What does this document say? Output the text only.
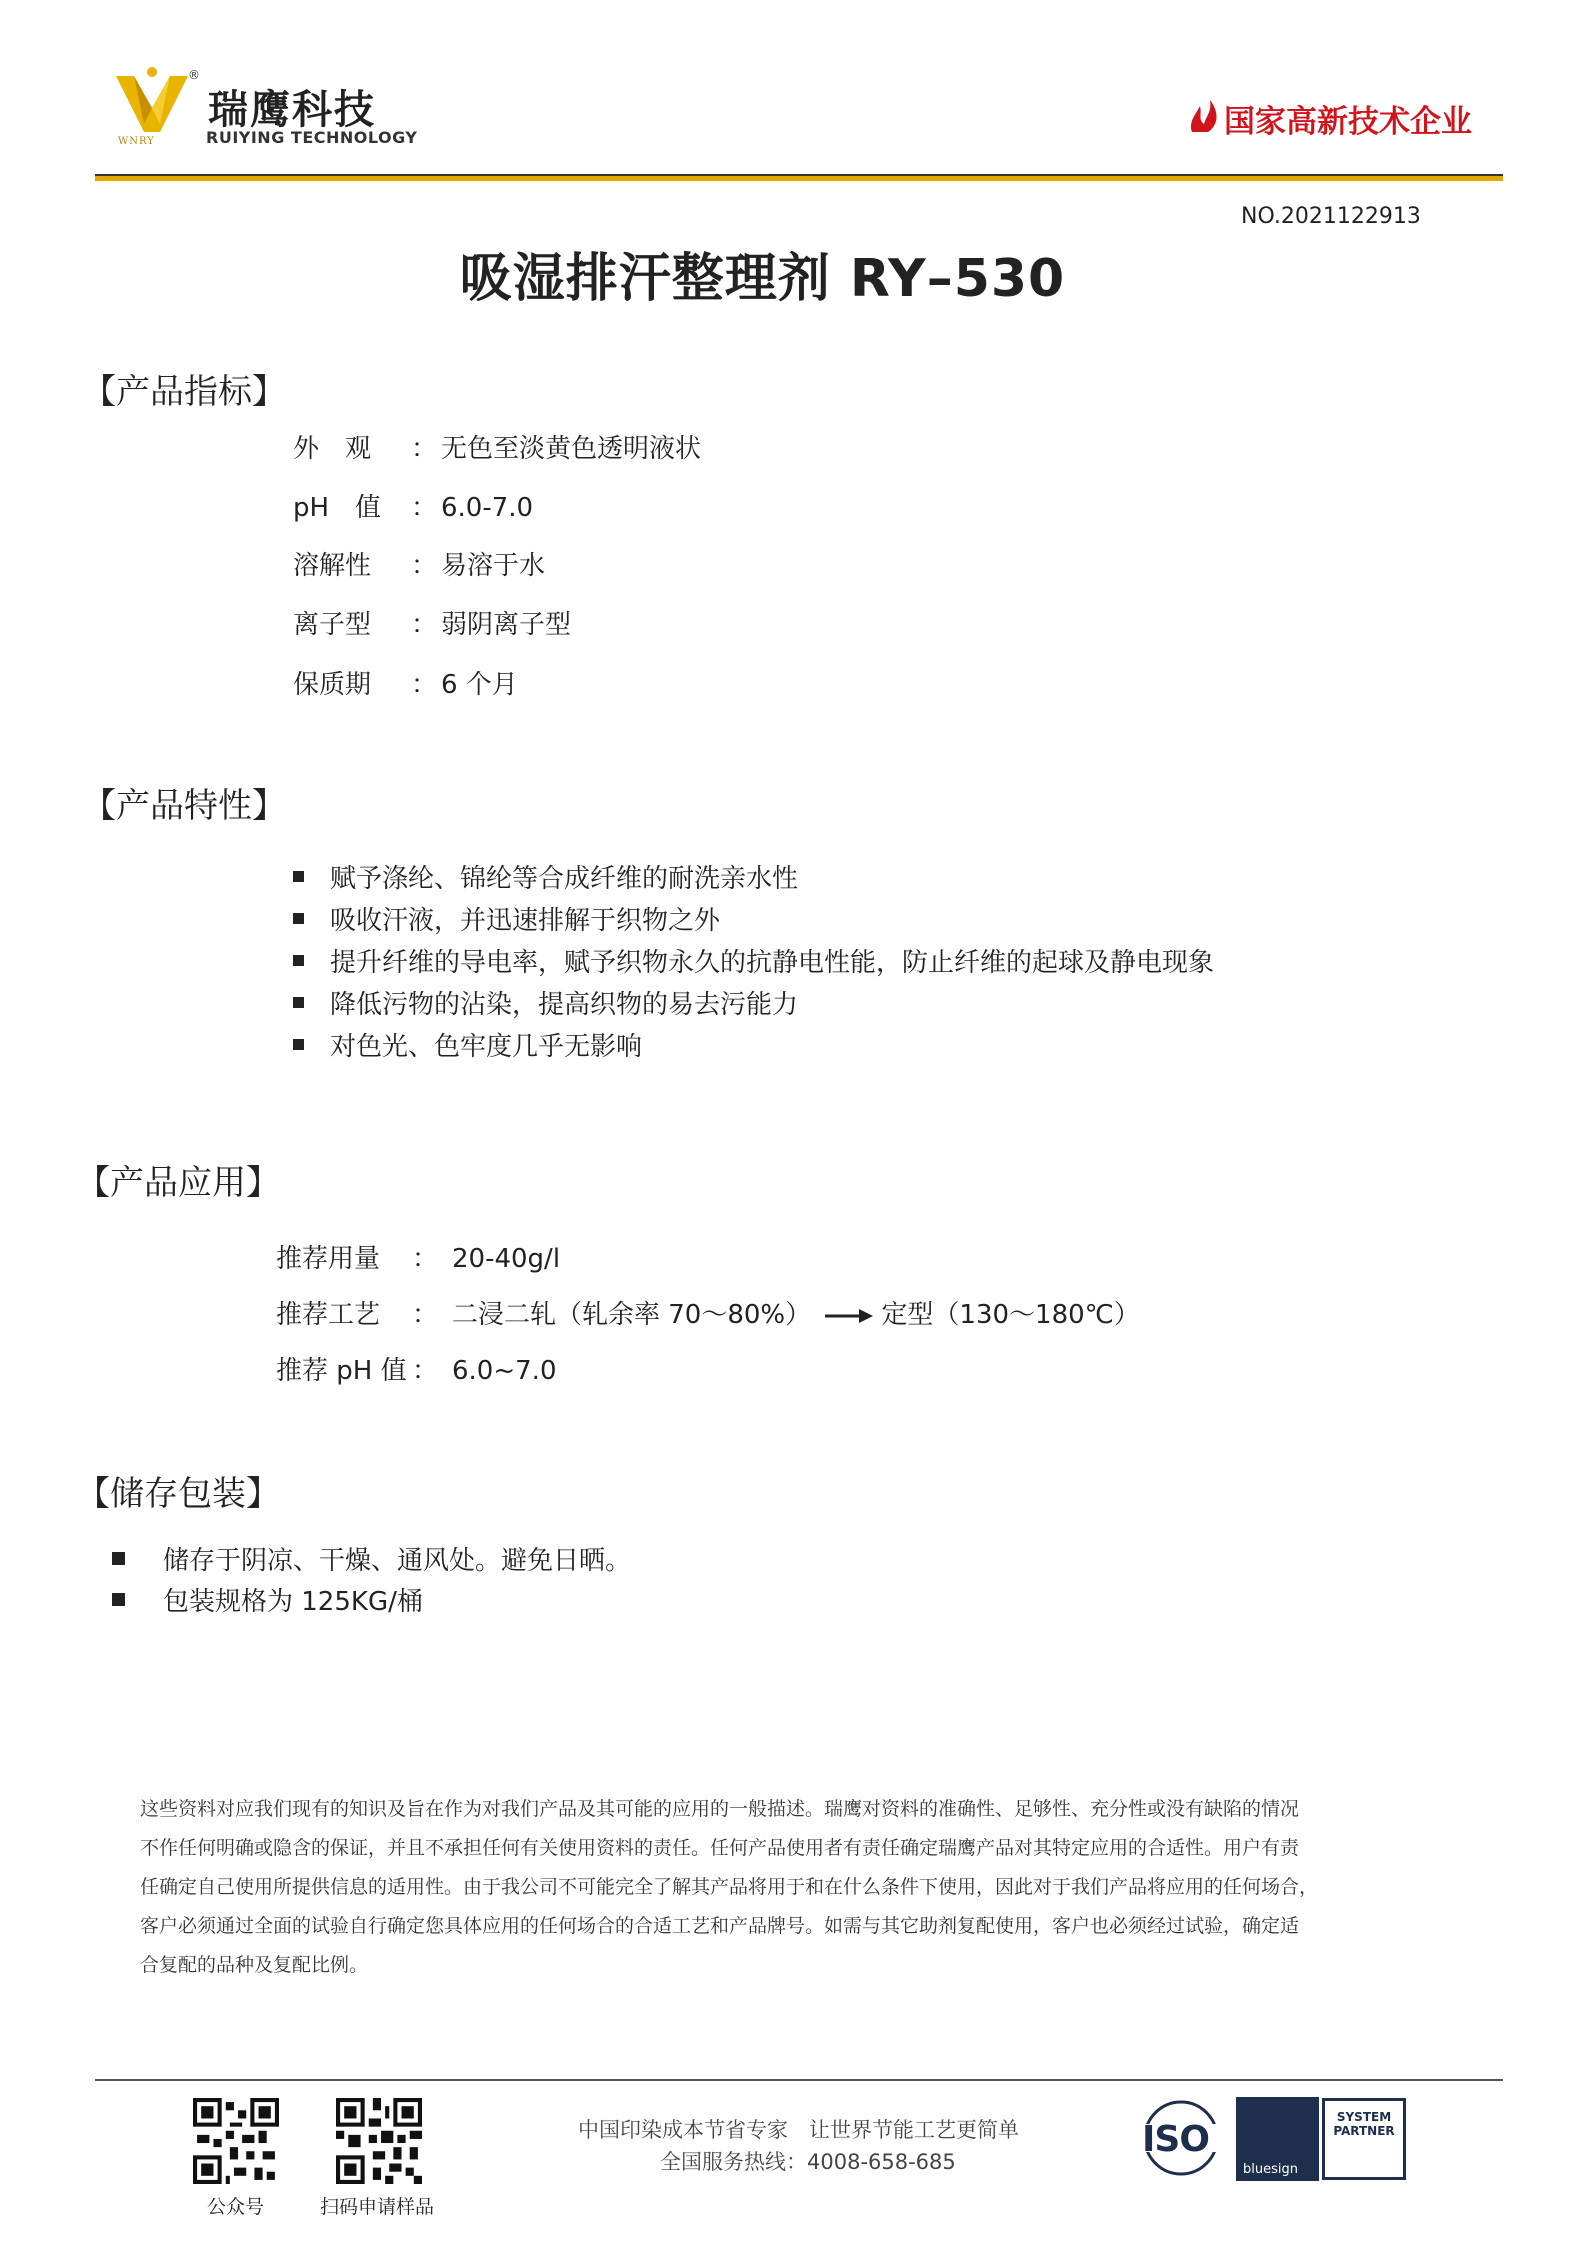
®
瑞鹰科技
RUIYING TECHNOLOGY
WNRY
国家高新技术企业
NO.2021122913
吸湿排汗整理剂 RY–530
【产品指标】
外　观 ： 无色至淡黄色透明液状
pH　值 ： 6.0-7.0
溶解性 ： 易溶于水
离子型 ： 弱阴离子型
保质期 ： 6 个月
【产品特性】
赋予涤纶、锦纶等合成纤维的耐洗亲水性
吸收汗液，并迅速排解于织物之外
提升纤维的导电率，赋予织物永久的抗静电性能，防止纤维的起球及静电现象
降低污物的沾染，提高织物的易去污能力
对色光、色牢度几乎无影响
【产品应用】
推荐用量 ： 20-40g/l
推荐工艺 ： 二浸二轧（轧余率 70～80%）	定型（130～180℃）
推荐 pH 值 ： 6.0~7.0
【储存包装】
储存于阴凉、干燥、通风处。避免日晒。
包装规格为 125KG/桶
这些资料对应我们现有的知识及旨在作为对我们产品及其可能的应用的一般描述。瑞鹰对资料的准确性、足够性、充分性或没有缺陷的情况
不作任何明确或隐含的保证，并且不承担任何有关使用资料的责任。任何产品使用者有责任确定瑞鹰产品对其特定应用的合适性。用户有责
任确定自己使用所提供信息的适用性。由于我公司不可能完全了解其产品将用于和在什么条件下使用，因此对于我们产品将应用的任何场合，
客户必须通过全面的试验自行确定您具体应用的任何场合的合适工艺和产品牌号。如需与其它助剂复配使用，客户也必须经过试验，确定适
合复配的品种及复配比例。
公众号	扫码申请样品
中国印染成本节省专家　让世界节能工艺更简单
全国服务热线：4008-658-685
ISO
bluesign
SYSTEM
PARTNER
